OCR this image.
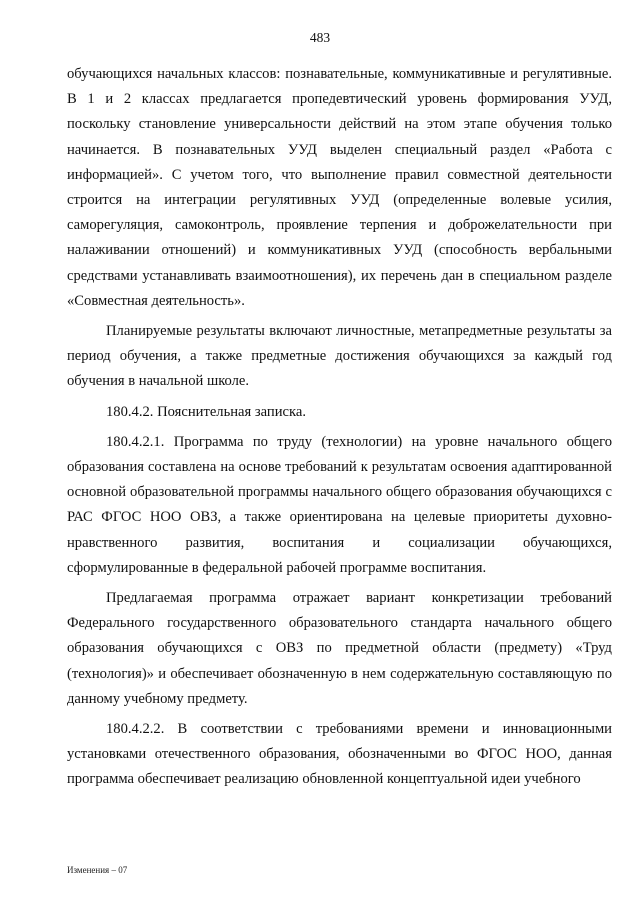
483

обучающихся начальных классов: познавательные, коммуникативные и регулятивные. В 1 и 2 классах предлагается пропедевтический уровень формирования УУД, поскольку становление универсальности действий на этом этапе обучения только начинается. В познавательных УУД выделен специальный раздел «Работа с информацией». С учетом того, что выполнение правил совместной деятельности строится на интеграции регулятивных УУД (определенные волевые усилия, саморегуляция, самоконтроль, проявление терпения и доброжелательности при налаживании отношений) и коммуникативных УУД (способность вербальными средствами устанавливать взаимоотношения), их перечень дан в специальном разделе «Совместная деятельность».

Планируемые результаты включают личностные, метапредметные результаты за период обучения, а также предметные достижения обучающихся за каждый год обучения в начальной школе.

180.4.2. Пояснительная записка.

180.4.2.1. Программа по труду (технологии) на уровне начального общего образования составлена на основе требований к результатам освоения адаптированной основной образовательной программы начального общего образования обучающихся с РАС ФГОС НОО ОВЗ, а также ориентирована на целевые приоритеты духовно-нравственного развития, воспитания и социализации обучающихся, сформулированные в федеральной рабочей программе воспитания.

Предлагаемая программа отражает вариант конкретизации требований Федерального государственного образовательного стандарта начального общего образования обучающихся с ОВЗ по предметной области (предмету) «Труд (технология)» и обеспечивает обозначенную в нем содержательную составляющую по данному учебному предмету.

180.4.2.2. В соответствии с требованиями времени и инновационными установками отечественного образования, обозначенными во ФГОС НОО, данная программа обеспечивает реализацию обновленной концептуальной идеи учебного

Изменения – 07
